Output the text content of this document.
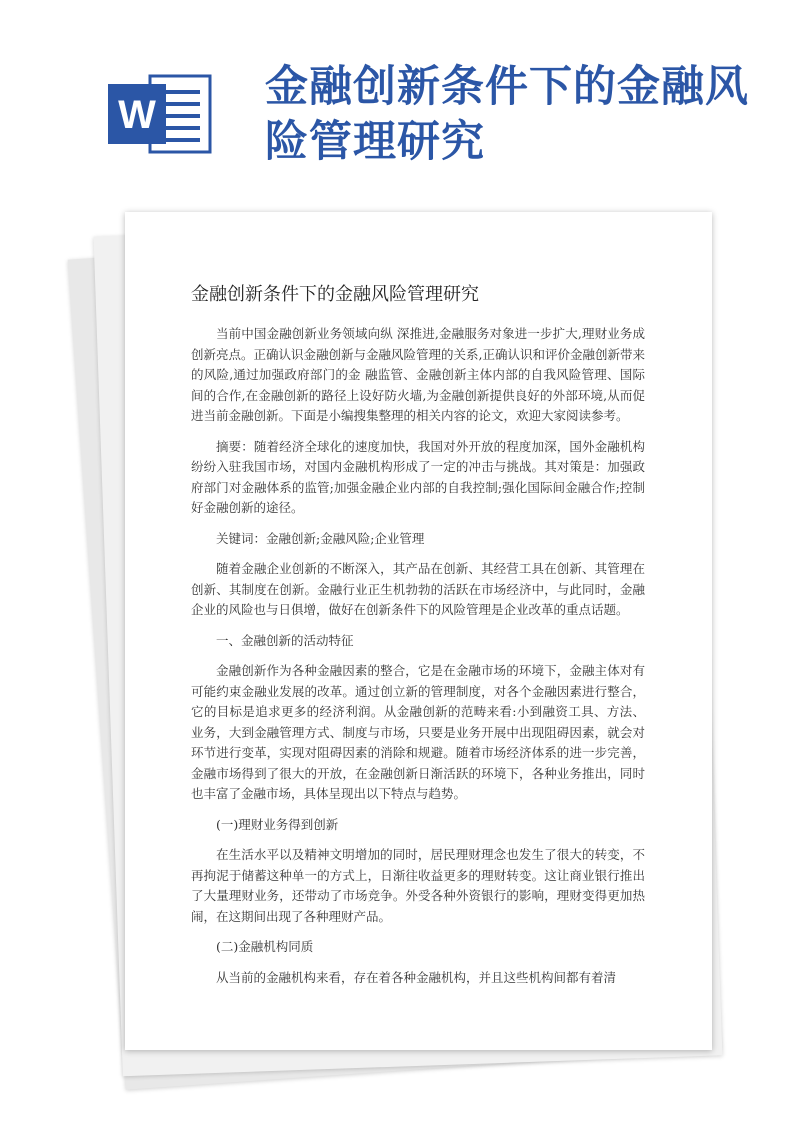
W
金融创新条件下的金融风险管理研究
金融创新条件下的金融风险管理研究

当前中国金融创新业务领域向纵 深推进,金融服务对象进一步扩大,理财业务成创新亮点。正确认识金融创新与金融风险管理的关系,正确认识和评价金融创新带来的风险,通过加强政府部门的金 融监管、金融创新主体内部的自我风险管理、国际间的合作,在金融创新的路径上设好防火墙,为金融创新提供良好的外部环境,从而促进当前金融创新。下面是小编搜集整理的相关内容的论文，欢迎大家阅读参考。

摘要：随着经济全球化的速度加快，我国对外开放的程度加深，国外金融机构纷纷入驻我国市场，对国内金融机构形成了一定的冲击与挑战。其对策是：加强政府部门对金融体系的监管;加强金融企业内部的自我控制;强化国际间金融合作;控制好金融创新的途径。

关键词：金融创新;金融风险;企业管理

随着金融企业创新的不断深入，其产品在创新、其经营工具在创新、其管理在创新、其制度在创新。金融行业正生机勃勃的活跃在市场经济中，与此同时，金融企业的风险也与日俱增，做好在创新条件下的风险管理是企业改革的重点话题。

一、金融创新的活动特征

金融创新作为各种金融因素的整合，它是在金融市场的环境下，金融主体对有可能约束金融业发展的改革。通过创立新的管理制度，对各个金融因素进行整合，它的目标是追求更多的经济利润。从金融创新的范畴来看:小到融资工具、方法、业务，大到金融管理方式、制度与市场，只要是业务开展中出现阻碍因素，就会对环节进行变革，实现对阻碍因素的消除和规避。随着市场经济体系的进一步完善，金融市场得到了很大的开放，在金融创新日渐活跃的环境下，各种业务推出，同时也丰富了金融市场，具体呈现出以下特点与趋势。

(一)理财业务得到创新

在生活水平以及精神文明增加的同时，居民理财理念也发生了很大的转变，不再拘泥于储蓄这种单一的方式上，日渐往收益更多的理财转变。这让商业银行推出了大量理财业务，还带动了市场竞争。外受各种外资银行的影响，理财变得更加热闹，在这期间出现了各种理财产品。

(二)金融机构同质

从当前的金融机构来看，存在着各种金融机构，并且这些机构间都有着清
